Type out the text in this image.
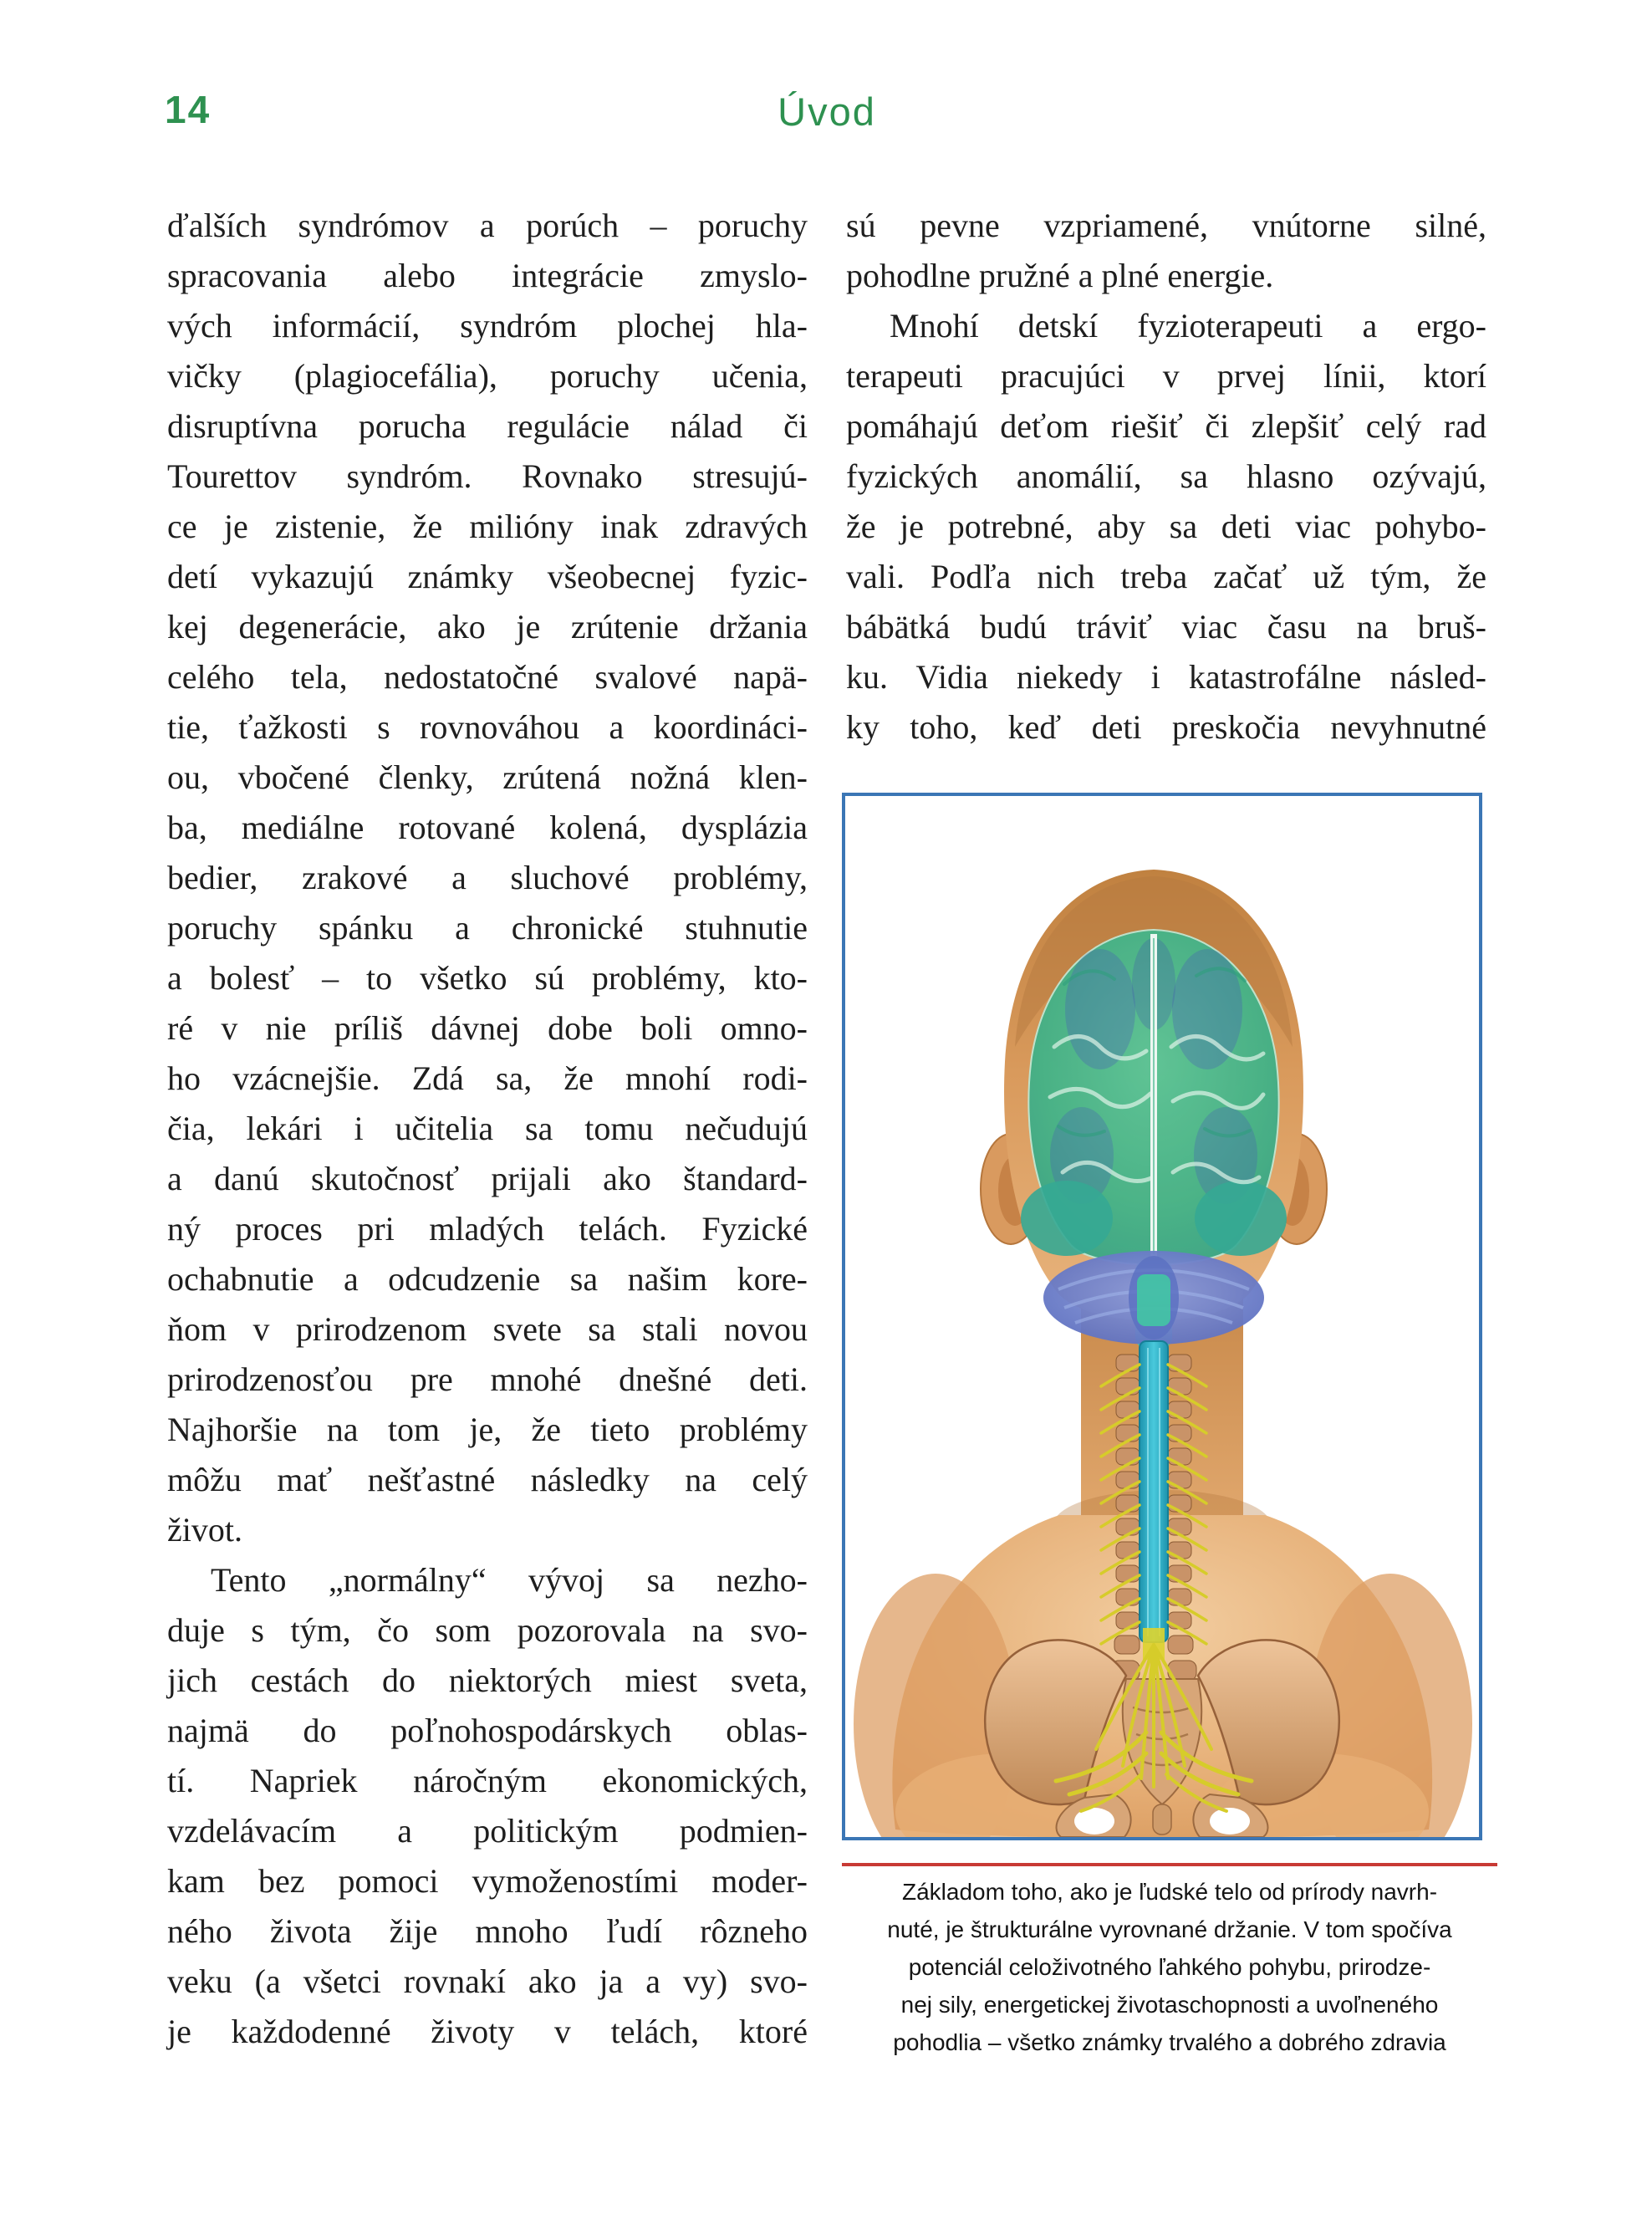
14	Úvod
ďalších syndrómov a porúch – poruchy
spracovania alebo integrácie zmyslo-
vých informácií, syndróm plochej hla-
vičky (plagiocefália), poruchy učenia,
disruptívna porucha regulácie nálad či
Tourettov syndróm. Rovnako stresujú-
ce je zistenie, že milióny inak zdravých
detí vykazujú známky všeobecnej fyzic-
kej degenerácie, ako je zrútenie držania
celého tela, nedostatočné svalové napä-
tie, ťažkosti s rovnováhou a koordináci-
ou, vbočené členky, zrútená nožná klen-
ba, mediálne rotované kolená, dysplázia
bedier, zrakové a sluchové problémy,
poruchy spánku a chronické stuhnutie
a bolesť – to všetko sú problémy, kto-
ré v nie príliš dávnej dobe boli omno-
ho vzácnejšie. Zdá sa, že mnohí rodi-
čia, lekári i učitelia sa tomu nečudujú
a danú skutočnosť prijali ako štandard-
ný proces pri mladých telách. Fyzické
ochabnutie a odcudzenie sa našim kore-
ňom v prirodzenom svete sa stali novou
prirodzenosťou pre mnohé dnešné deti.
Najhoršie na tom je, že tieto problémy
môžu mať nešťastné následky na celý
život.
Tento „normálny“ vývoj sa nezho-
duje s tým, čo som pozorovala na svo-
jich cestách do niektorých miest sveta,
najmä do poľnohospodárskych oblas-
tí. Napriek náročným ekonomických,
vzdelávacím a politickým podmien-
kam bez pomoci vymoženostími moder-
ného života žije mnoho ľudí rôzneho
veku (a všetci rovnakí ako ja a vy) svo-
je každodenné životy v telách, ktoré
sú pevne vzpriamené, vnútorne silné,
pohodlne pružné a plné energie.
Mnohí detskí fyzioterapeuti a ergo-
terapeuti pracujúci v prvej línii, ktorí
pomáhajú deťom riešiť či zlepšiť celý rad
fyzických anomálií, sa hlasno ozývajú,
že je potrebné, aby sa deti viac pohybo-
vali. Podľa nich treba začať už tým, že
bábätká budú tráviť viac času na bruš-
ku. Vidia niekedy i katastrofálne násled-
ky toho, keď deti preskočia nevyhnutné
Základom toho, ako je ľudské telo od prírody navrh-
nuté, je štrukturálne vyrovnané držanie. V tom spočíva
potenciál celoživotného ľahkého pohybu, prirodze-
nej sily, energetickej životaschopnosti a uvoľneného
pohodlia – všetko známky trvalého a dobrého zdravia
